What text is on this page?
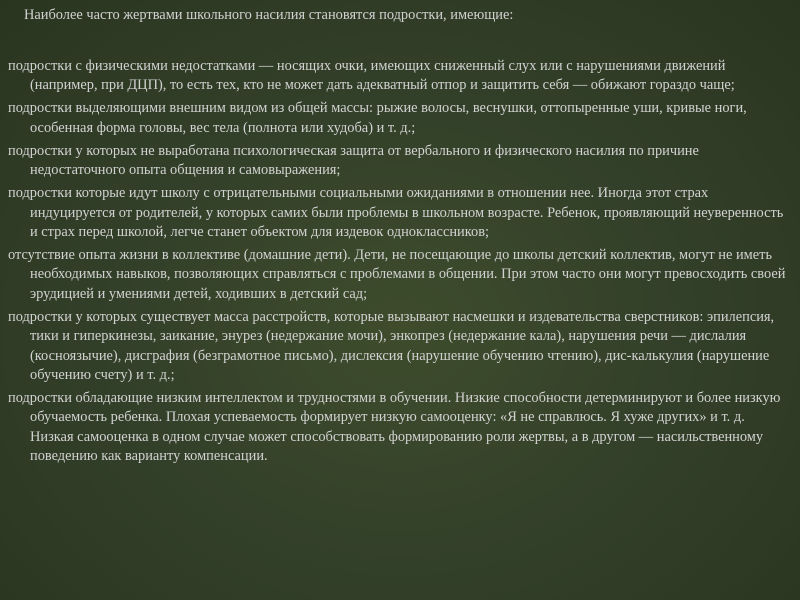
Наиболее часто жертвами школьного насилия становятся подростки, имеющие:

подростки с физическими недостатками — носящих очки, имеющих сниженный слух или с нарушениями движений (например, при ДЦП), то есть тех, кто не может дать адекватный отпор и защитить себя — обижают гораздо чаще;
подростки выделяющими внешним видом из общей массы: рыжие волосы, веснушки, оттопыренные уши, кривые ноги, особенная форма головы, вес тела (полнота или худоба) и т. д.;
подростки у которых не выработана психологическая защита от вербального и физического насилия по причине недостаточного опыта общения и самовыражения;
подростки которые идут школу с отрицательными социальными ожиданиями в отношении нее. Иногда этот страх индуцируется от родителей, у которых самих были проблемы в школьном возрасте. Ребенок, проявляющий неуверенность и страх перед школой, легче станет объектом для издевок одноклассников;
отсутствие опыта жизни в коллективе (домашние дети). Дети, не посещающие до школы детский коллектив, могут не иметь необходимых навыков, позволяющих справляться с проблемами в общении. При этом часто они могут превосходить своей эрудицией и умениями детей, ходивших в детский сад;
подростки у которых существует масса расстройств, которые вызывают насмешки и издевательства сверстников: эпилепсия, тики и гиперкинезы, заикание, энурез (недержание мочи), энкопрез (недержание кала), нарушения речи — дислалия (косноязычие), дисграфия (безграмотное письмо), дислексия (нарушение обучению чтению), дис-калькулия (нарушение обучению счету) и т. д.;
подростки обладающие низким интеллектом и трудностями в обучении. Низкие способности детерминируют и более низкую обучаемость ребенка. Плохая успеваемость формирует низкую самооценку: «Я не справлюсь. Я хуже других» и т. д. Низкая самооценка в одном случае может способствовать формированию роли жертвы, а в другом — насильственному поведению как варианту компенсации.
